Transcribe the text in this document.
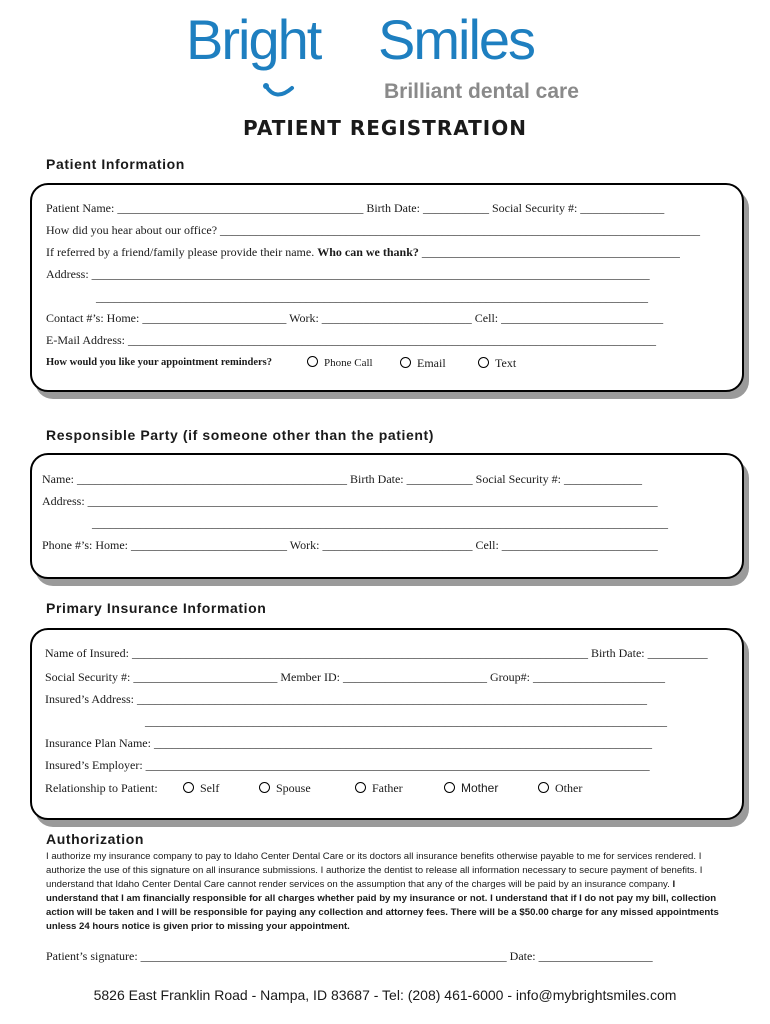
Bright Smiles
Brilliant dental care
PATIENT REGISTRATION
Patient Information
Patient Name: _________________________________________ Birth Date: ___________ Social Security #: ______________
How did you hear about our office? ________________________________________________________________________________
If referred by a friend/family please provide their name. Who can we thank? ___________________________________________
Address: _____________________________________________________________________________________________
____________________________________________________________________________________________
Contact #’s: Home: ________________________ Work: _________________________ Cell: ___________________________
E-Mail Address: ________________________________________________________________________________________
How would you like your appointment reminders?	Phone Call	Email	Text
Responsible Party (if someone other than the patient)
Name: _____________________________________________ Birth Date: ___________ Social Security #: _____________
Address: _______________________________________________________________________________________________
________________________________________________________________________________________________
Phone #’s: Home: __________________________ Work: _________________________ Cell: __________________________
Primary Insurance Information
Name of Insured: ____________________________________________________________________________ Birth Date: __________
Social Security #: ________________________ Member ID: ________________________ Group#: ______________________
Insured’s Address: _____________________________________________________________________________________
_______________________________________________________________________________________
Insurance Plan Name: ___________________________________________________________________________________
Insured’s Employer: ____________________________________________________________________________________
Relationship to Patient:	Self	Spouse	Father	Mother	Other
Authorization
I authorize my insurance company to pay to Idaho Center Dental Care or its doctors all insurance benefits otherwise payable to me for services rendered. I authorize the use of this signature on all insurance submissions. I authorize the dentist to release all information necessary to secure payment of benefits. I understand that Idaho Center Dental Care cannot render services on the assumption that any of the charges will be paid by an insurance company. I understand that I am financially responsible for all charges whether paid by my insurance or not. I understand that if I do not pay my bill, collection action will be taken and I will be responsible for paying any collection and attorney fees. There will be a $50.00 charge for any missed appointments unless 24 hours notice is given prior to missing your appointment.
Patient’s signature: _____________________________________________________________ Date: ___________________
5826 East Franklin Road - Nampa, ID 83687 - Tel: (208) 461-6000 - info@mybrightsmiles.com
